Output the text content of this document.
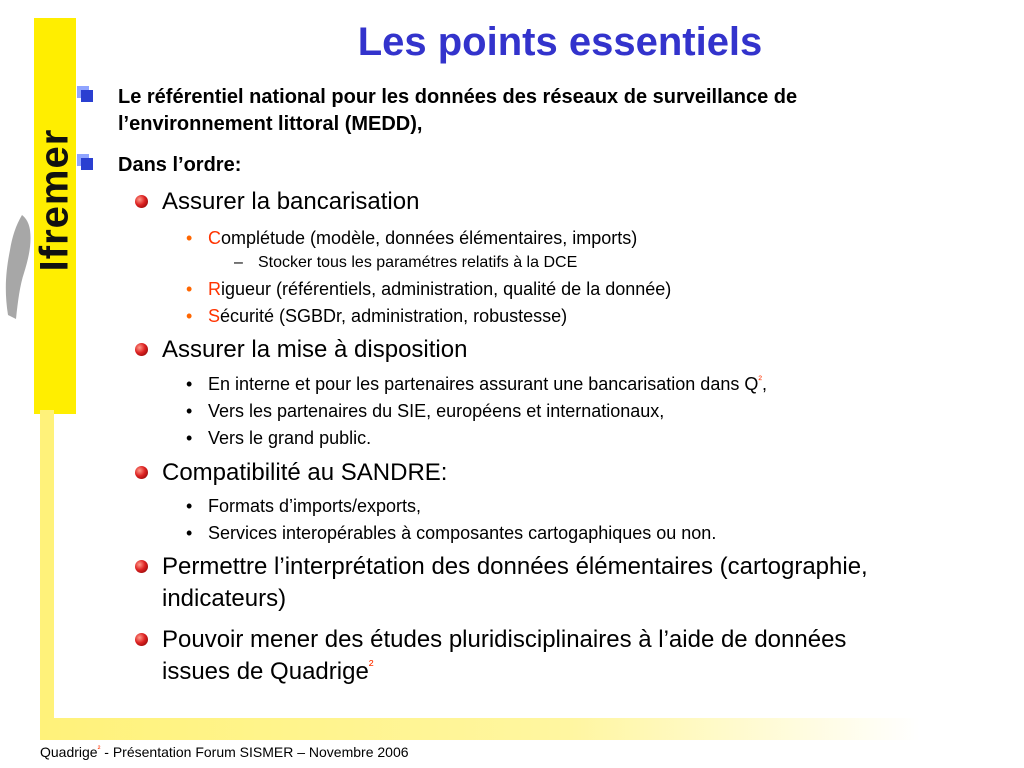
Ifremer
Les points essentiels
Le référentiel national pour les données des réseaux de surveillance de
l’environnement littoral (MEDD),
Dans l’ordre:
Assurer la bancarisation
• Complétude (modèle, données élémentaires, imports)
– Stocker tous les paramétres relatifs à la DCE
• Rigueur (référentiels, administration, qualité de la donnée)
• Sécurité (SGBDr, administration, robustesse)
Assurer la mise à disposition
• En interne et pour les partenaires assurant une bancarisation dans $Q^{^2}$,
• Vers les partenaires du SIE, européens et internationaux,
• Vers le grand public.
Compatibilité au SANDRE:
• Formats d’imports/exports,
• Services interopérables à composantes cartogaphiques ou non.
Permettre l’interprétation des données élémentaires (cartographie,
indicateurs)
Pouvoir mener des études pluridisciplinaires à l’aide de données
issues de Quadrige$^{^2}$
Quadrige$^{^2}$ - Présentation Forum SISMER – Novembre 2006
